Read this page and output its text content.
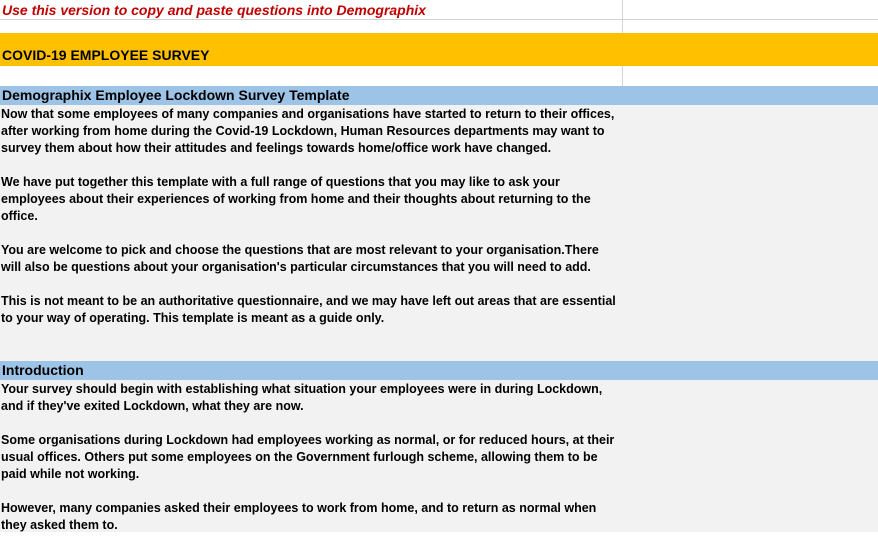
Use this version to copy and paste questions into Demographix
COVID-19 EMPLOYEE SURVEY
Demographix Employee Lockdown Survey Template

Now that some employees of many companies and organisations have started to return to their offices, after working from home during the Covid-19 Lockdown, Human Resources departments may want to survey them about how their attitudes and feelings towards home/office work have changed.

We have put together this template with a full range of questions that you may like to ask your employees about their experiences of working from home and their thoughts about returning to the office.

You are welcome to pick and choose the questions that are most relevant to your organisation.There will also be questions about your organisation's particular circumstances that you will need to add.

This is not meant to be an authoritative questionnaire, and we may have left out areas that are essential to your way of operating. This template is meant as a guide only.

Introduction

Your survey should begin with establishing what situation your employees were in during Lockdown, and if they've exited Lockdown, what they are now.

Some organisations during Lockdown had employees working as normal, or for reduced hours, at their usual offices. Others put some employees on the Government furlough scheme, allowing them to be paid while not working.

However, many companies asked their employees to work from home, and to return as normal when they asked them to.
